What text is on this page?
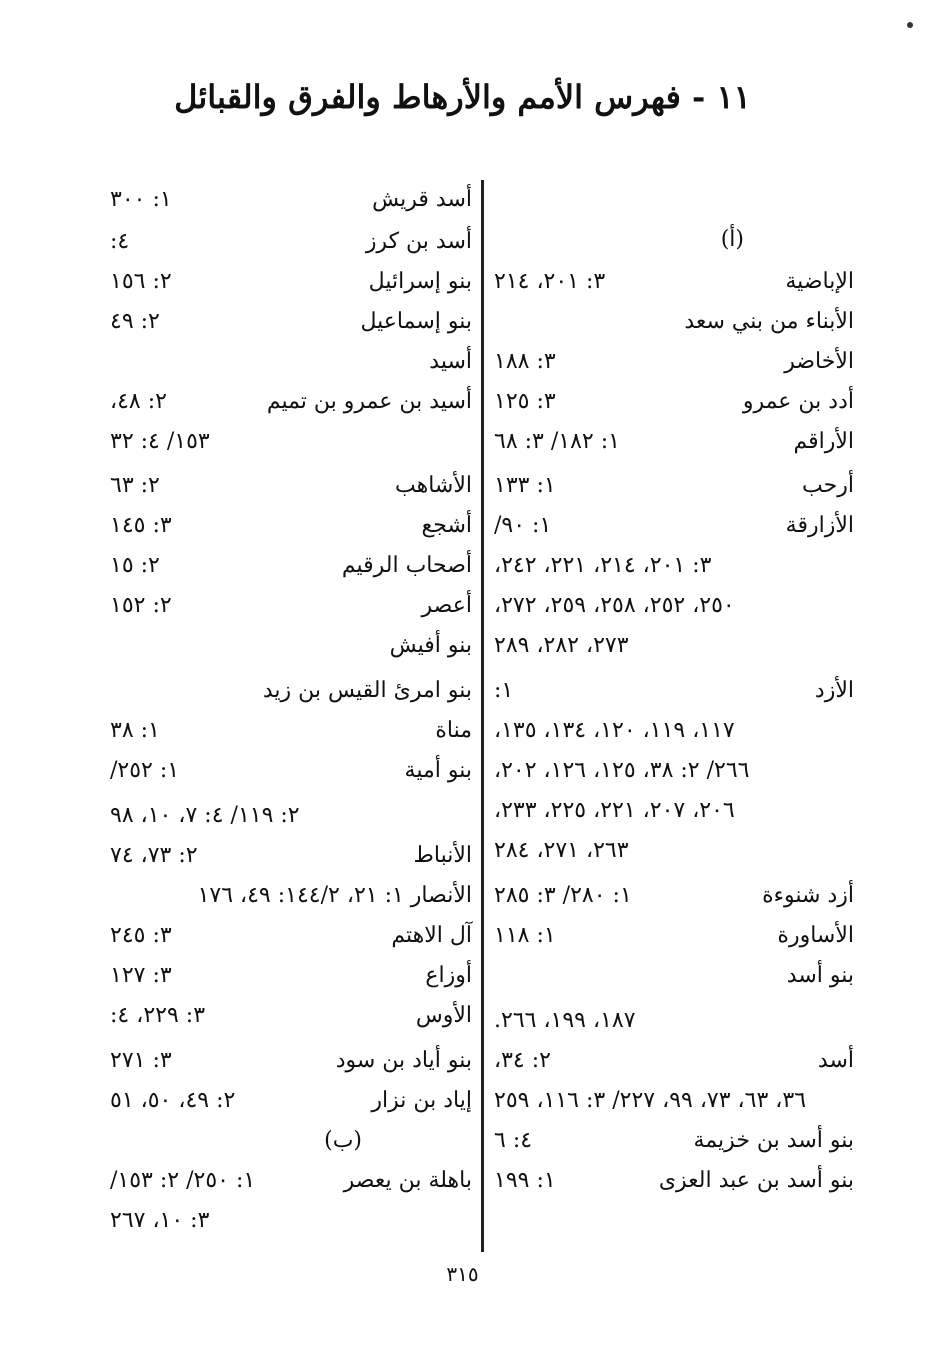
١١ - فهرس الأمم والأرهاط والفرق والقبائل
(أ)
الإباضية
٣: ٢٠١، ٢١٤
الأبناء من بني سعد
الأخاضر
٣: ١٨٨
أدد بن عمرو
٣: ١٢٥
الأراقم
١: ١٨٢/ ٣: ٦٨
أرحب
١: ١٣٣
الأزارقة
١: ٩٠/
٣: ٢٠١، ٢١٤، ٢٢١، ٢٤٢،
٢٥٠، ٢٥٢، ٢٥٨، ٢٥٩، ٢٧٢،
٢٧٣، ٢٨٢، ٢٨٩
الأزد
١:
١١٧، ١١٩، ١٢٠، ١٣٤، ١٣٥،
٢٦٦/ ٢: ٣٨، ١٢٥، ١٢٦، ٢٠٢،
٢٠٦، ٢٠٧، ٢٢١، ٢٢٥، ٢٣٣،
٢٦٣، ٢٧١، ٢٨٤
أزد شنوءة
١: ٢٨٠/ ٣: ٢٨٥
الأساورة
١: ١١٨
بنو أسد
١٨٧، ١٩٩، ٢٦٦.
أسد
٢: ٣٤،
٣٦، ٦٣، ٧٣، ٩٩، ٢٢٧/ ٣: ١١٦، ٢٥٩
بنو أسد بن خزيمة
٤: ٦
بنو أسد بن عبد العزى
١: ١٩٩
أسد قريش
١: ٣٠٠
أسد بن كرز
٤:
بنو إسرائيل
٢: ١٥٦
بنو إسماعيل
٢: ٤٩
أسيد
أسيد بن عمرو بن تميم
٢: ٤٨،
١٥٣/ ٤: ٣٢
الأشاهب
٢: ٦٣
أشجع
٣: ١٤٥
أصحاب الرقيم
٢: ١٥
أعصر
٢: ١٥٢
بنو أفيش
بنو امرئ القيس بن زيد
مناة
١: ٣٨
بنو أمية
١: ٢٥٢/
٢: ١١٩/ ٤: ٧، ١٠، ٩٨
الأنباط
٢: ٧٣، ٧٤
الأنصار ١: ٢١، ١٤٤/٢: ٤٩، ١٧٦
آل الاهتم
٣: ٢٤٥
أوزاع
٣: ١٢٧
الأوس
٣: ٢٢٩، ٤:
بنو أياد بن سود
٣: ٢٧١
إياد بن نزار
٢: ٤٩، ٥٠، ٥١
(ب)
باهلة بن يعصر
١: ٢٥٠/ ٢: ١٥٣/
٣: ١٠، ٢٦٧
٣١٥
